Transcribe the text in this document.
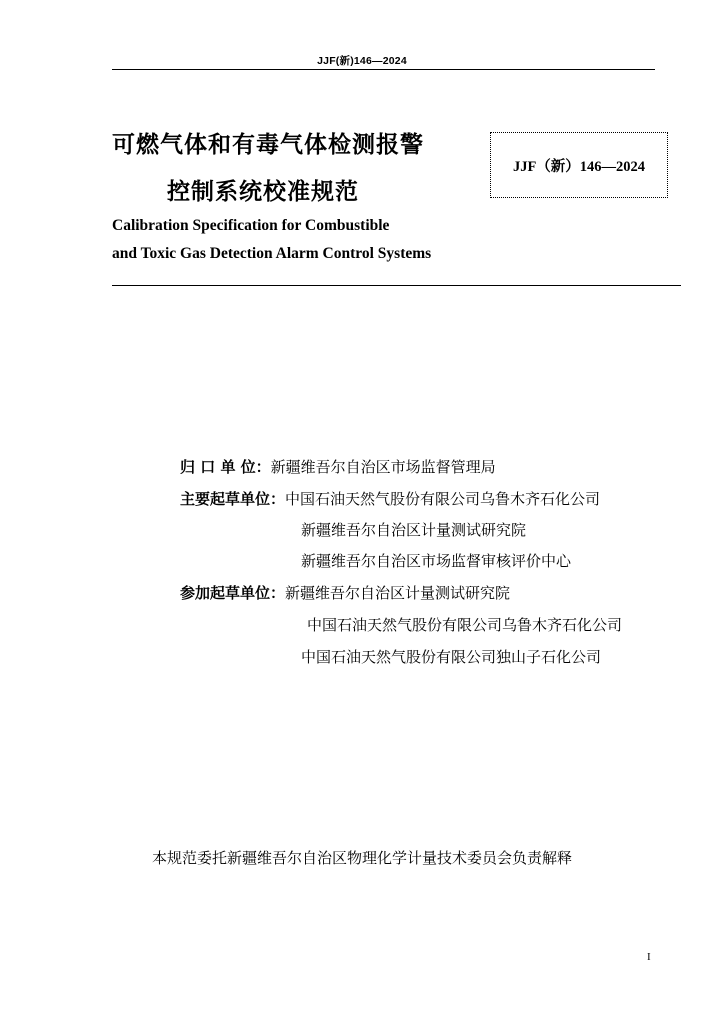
JJF(新)146—2024
可燃气体和有毒气体检测报警
控制系统校准规范
JJF（新）146—2024
Calibration Specification for Combustible
and Toxic Gas Detection Alarm Control Systems
归 口 单 位：新疆维吾尔自治区市场监督管理局
主要起草单位：中国石油天然气股份有限公司乌鲁木齐石化公司
新疆维吾尔自治区计量测试研究院
新疆维吾尔自治区市场监督审核评价中心
参加起草单位：新疆维吾尔自治区计量测试研究院
中国石油天然气股份有限公司乌鲁木齐石化公司
中国石油天然气股份有限公司独山子石化公司
本规范委托新疆维吾尔自治区物理化学计量技术委员会负责解释
I
